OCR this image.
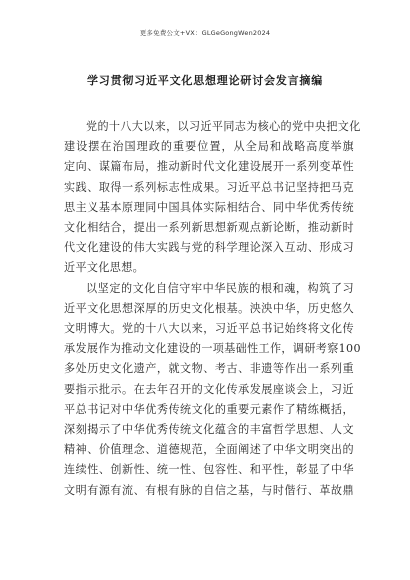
更多免费公文+VX：GLGeGongWen2024
学习贯彻习近平文化思想理论研讨会发言摘编

党的十八大以来，以习近平同志为核心的党中央把文化
建设摆在治国理政的重要位置，从全局和战略高度举旗
定向、谋篇布局，推动新时代文化建设展开一系列变革性
实践、取得一系列标志性成果。习近平总书记坚持把马克
思主义基本原理同中国具体实际相结合、同中华优秀传统
文化相结合，提出一系列新思想新观点新论断，推动新时
代文化建设的伟大实践与党的科学理论深入互动、形成习
近平文化思想。

以坚定的文化自信守牢中华民族的根和魂，构筑了习
近平文化思想深厚的历史文化根基。泱泱中华，历史悠久
文明博大。党的十八大以来，习近平总书记始终将文化传
承发展作为推动文化建设的一项基础性工作，调研考察100
多处历史文化遗产，就文物、考古、非遗等作出一系列重
要指示批示。在去年召开的文化传承发展座谈会上，习近
平总书记对中华优秀传统文化的重要元素作了精练概括，
深刻揭示了中华优秀传统文化蕴含的丰富哲学思想、人文
精神、价值理念、道德规范，全面阐述了中华文明突出的
连续性、创新性、统一性、包容性、和平性，彰显了中华
文明有源有流、有根有脉的自信之基，与时偕行、革故鼎
